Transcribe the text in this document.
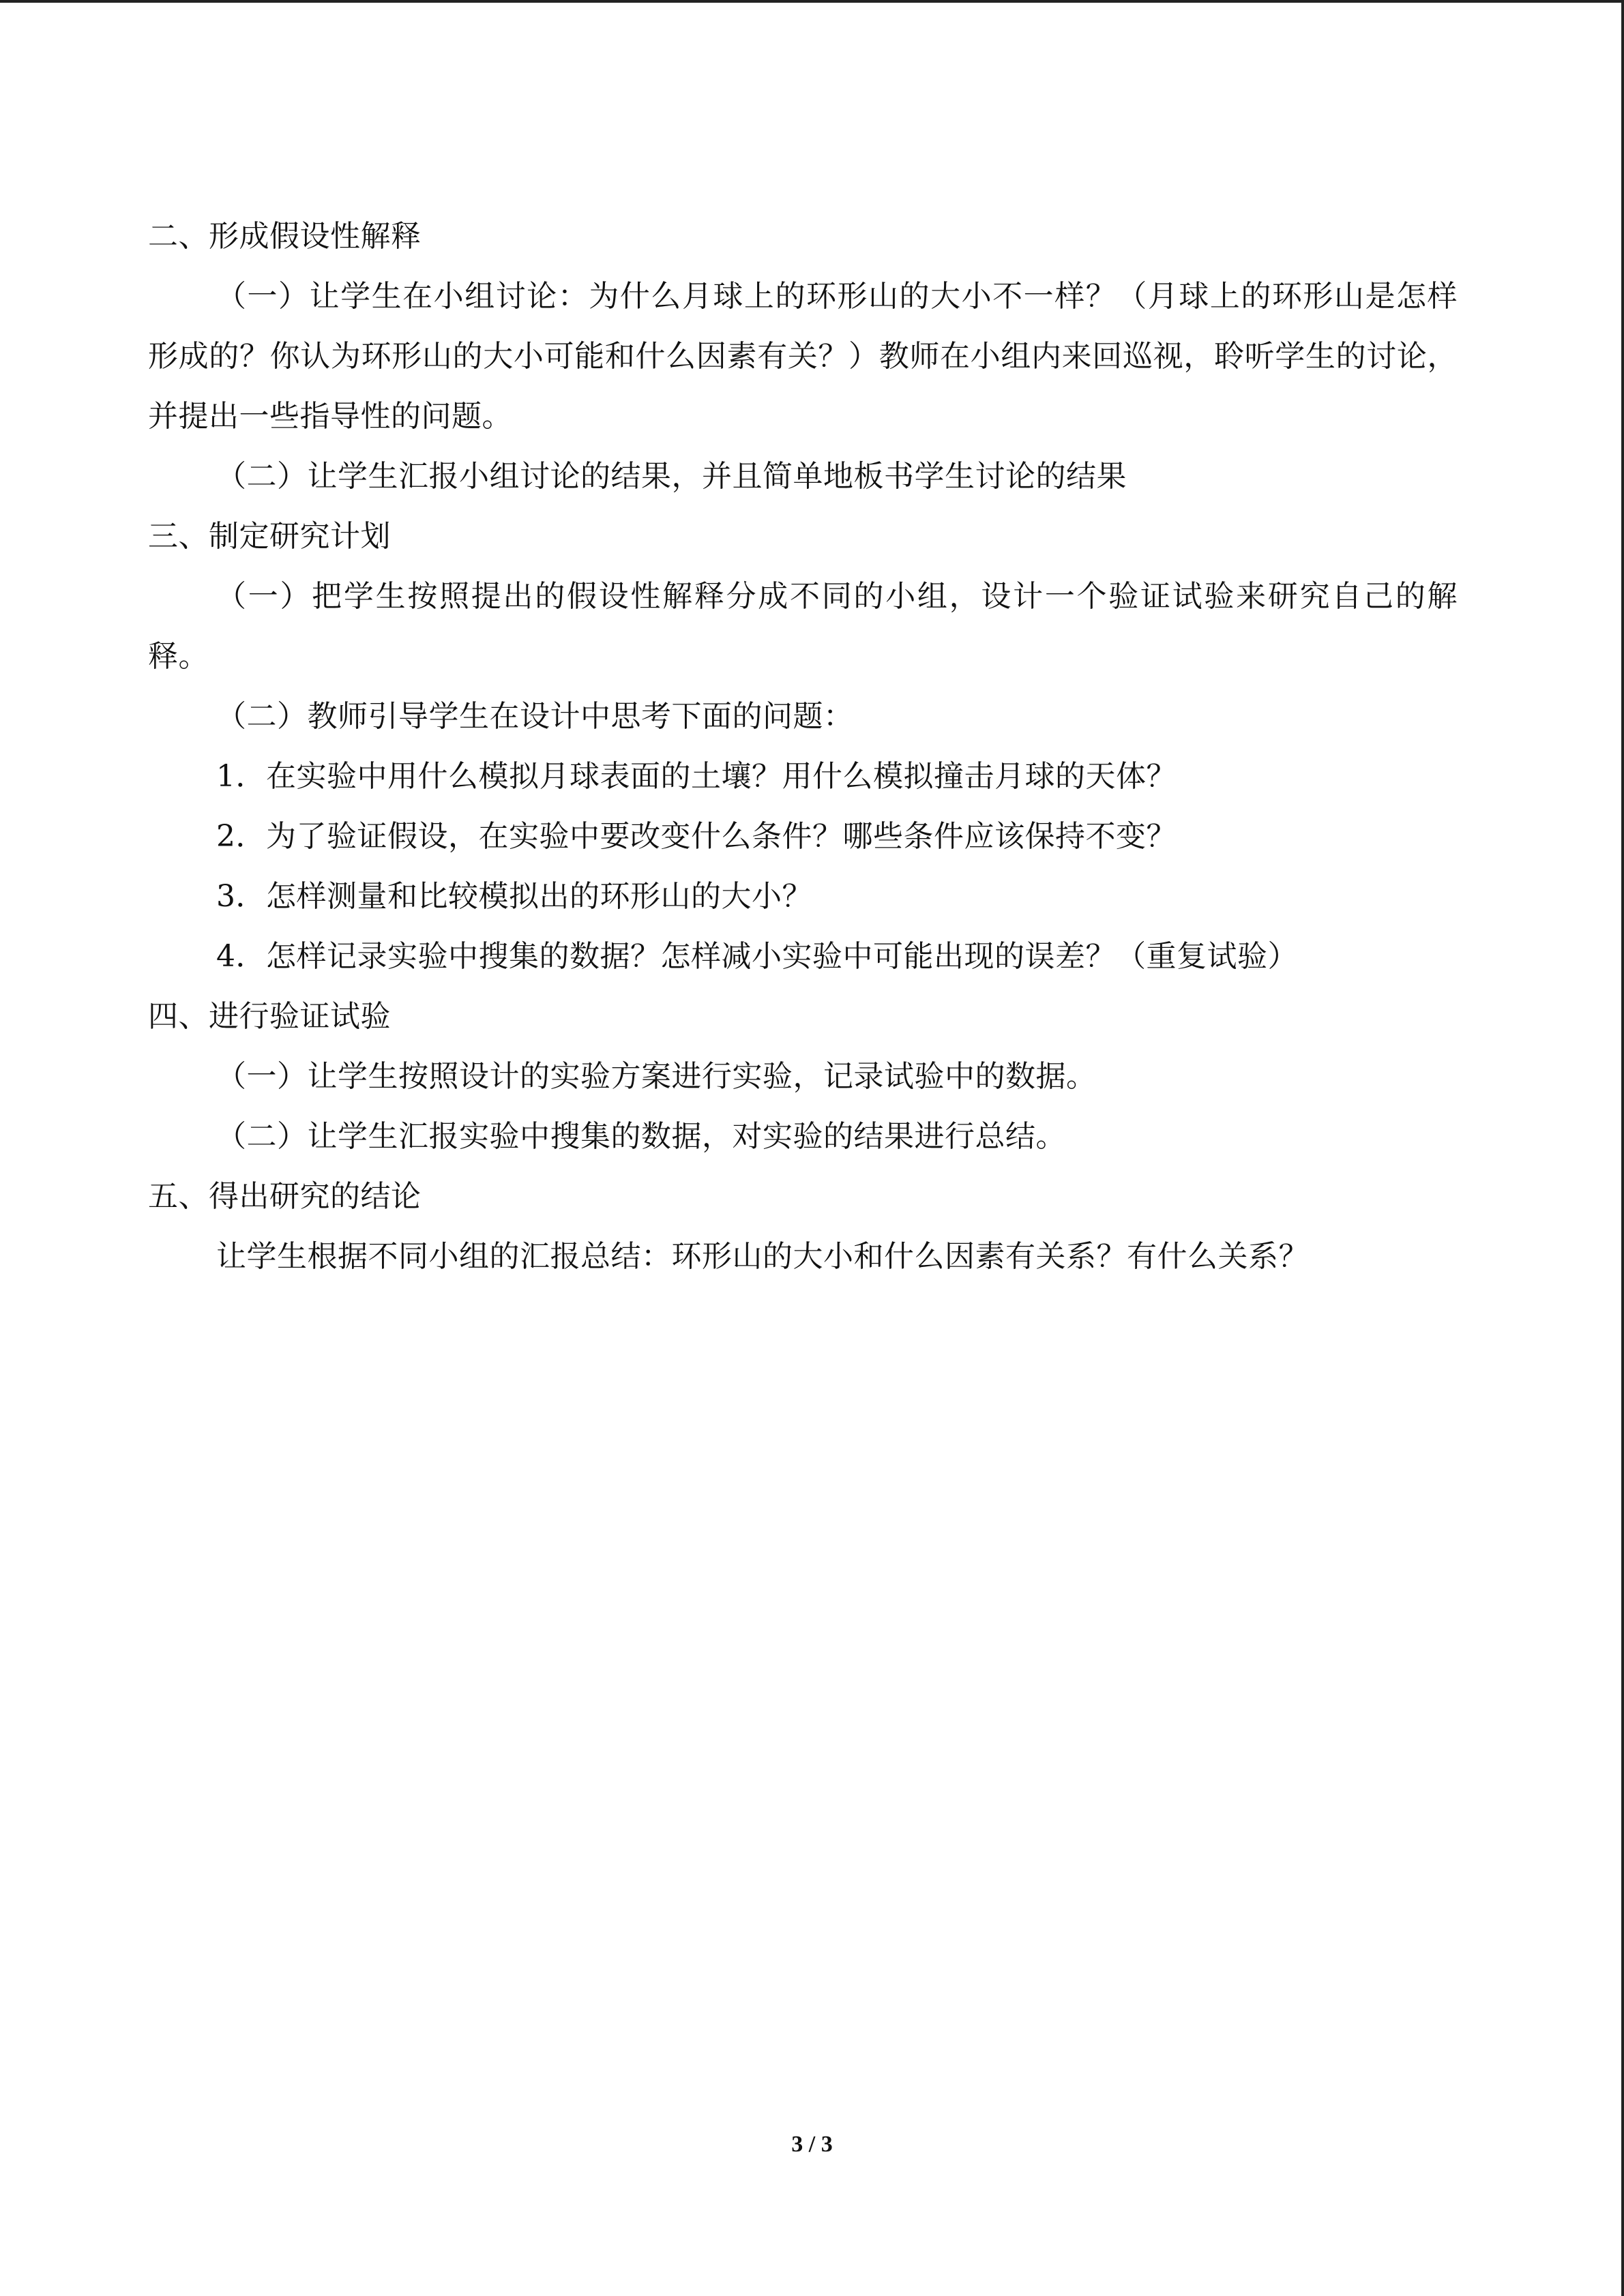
二、形成假设性解释
（一）让学生在小组讨论：为什么月球上的环形山的大小不一样？（月球上的环形山是怎样形成的？你认为环形山的大小可能和什么因素有关？）教师在小组内来回巡视，聆听学生的讨论，并提出一些指导性的问题。
（二）让学生汇报小组讨论的结果，并且简单地板书学生讨论的结果
三、制定研究计划
（一）把学生按照提出的假设性解释分成不同的小组，设计一个验证试验来研究自己的解释。
（二）教师引导学生在设计中思考下面的问题：
1．在实验中用什么模拟月球表面的土壤？用什么模拟撞击月球的天体？
2．为了验证假设，在实验中要改变什么条件？哪些条件应该保持不变？
3．怎样测量和比较模拟出的环形山的大小？
4．怎样记录实验中搜集的数据？怎样减小实验中可能出现的误差？（重复试验）
四、进行验证试验
（一）让学生按照设计的实验方案进行实验，记录试验中的数据。
（二）让学生汇报实验中搜集的数据，对实验的结果进行总结。
五、得出研究的结论
让学生根据不同小组的汇报总结：环形山的大小和什么因素有关系？有什么关系？
3 / 3
